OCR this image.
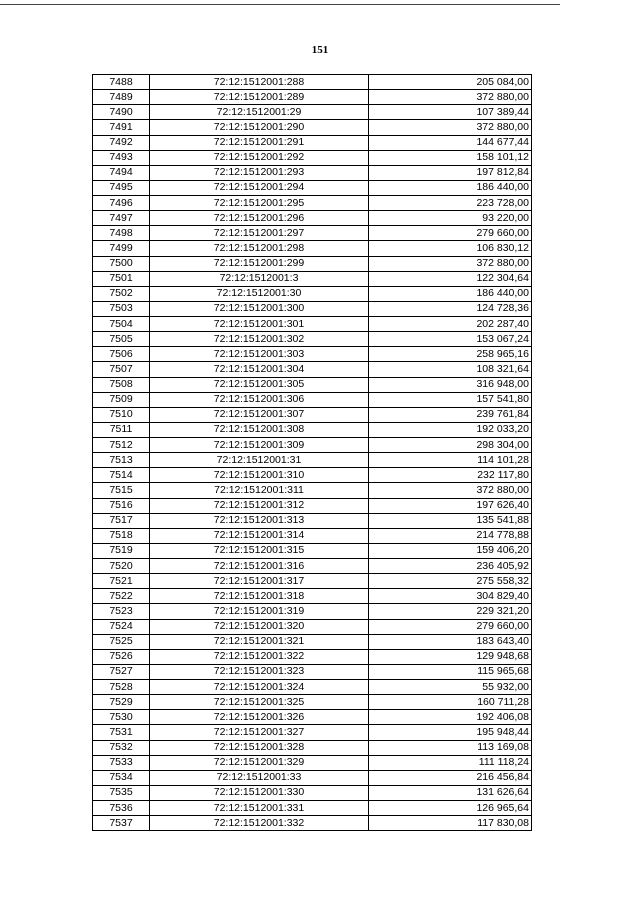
151
7488	72:12:1512001:288	205 084,00
7489	72:12:1512001:289	372 880,00
7490	72:12:1512001:29	107 389,44
7491	72:12:1512001:290	372 880,00
7492	72:12:1512001:291	144 677,44
7493	72:12:1512001:292	158 101,12
7494	72:12:1512001:293	197 812,84
7495	72:12:1512001:294	186 440,00
7496	72:12:1512001:295	223 728,00
7497	72:12:1512001:296	93 220,00
7498	72:12:1512001:297	279 660,00
7499	72:12:1512001:298	106 830,12
7500	72:12:1512001:299	372 880,00
7501	72:12:1512001:3	122 304,64
7502	72:12:1512001:30	186 440,00
7503	72:12:1512001:300	124 728,36
7504	72:12:1512001:301	202 287,40
7505	72:12:1512001:302	153 067,24
7506	72:12:1512001:303	258 965,16
7507	72:12:1512001:304	108 321,64
7508	72:12:1512001:305	316 948,00
7509	72:12:1512001:306	157 541,80
7510	72:12:1512001:307	239 761,84
7511	72:12:1512001:308	192 033,20
7512	72:12:1512001:309	298 304,00
7513	72:12:1512001:31	114 101,28
7514	72:12:1512001:310	232 117,80
7515	72:12:1512001:311	372 880,00
7516	72:12:1512001:312	197 626,40
7517	72:12:1512001:313	135 541,88
7518	72:12:1512001:314	214 778,88
7519	72:12:1512001:315	159 406,20
7520	72:12:1512001:316	236 405,92
7521	72:12:1512001:317	275 558,32
7522	72:12:1512001:318	304 829,40
7523	72:12:1512001:319	229 321,20
7524	72:12:1512001:320	279 660,00
7525	72:12:1512001:321	183 643,40
7526	72:12:1512001:322	129 948,68
7527	72:12:1512001:323	115 965,68
7528	72:12:1512001:324	55 932,00
7529	72:12:1512001:325	160 711,28
7530	72:12:1512001:326	192 406,08
7531	72:12:1512001:327	195 948,44
7532	72:12:1512001:328	113 169,08
7533	72:12:1512001:329	111 118,24
7534	72:12:1512001:33	216 456,84
7535	72:12:1512001:330	131 626,64
7536	72:12:1512001:331	126 965,64
7537	72:12:1512001:332	117 830,08
